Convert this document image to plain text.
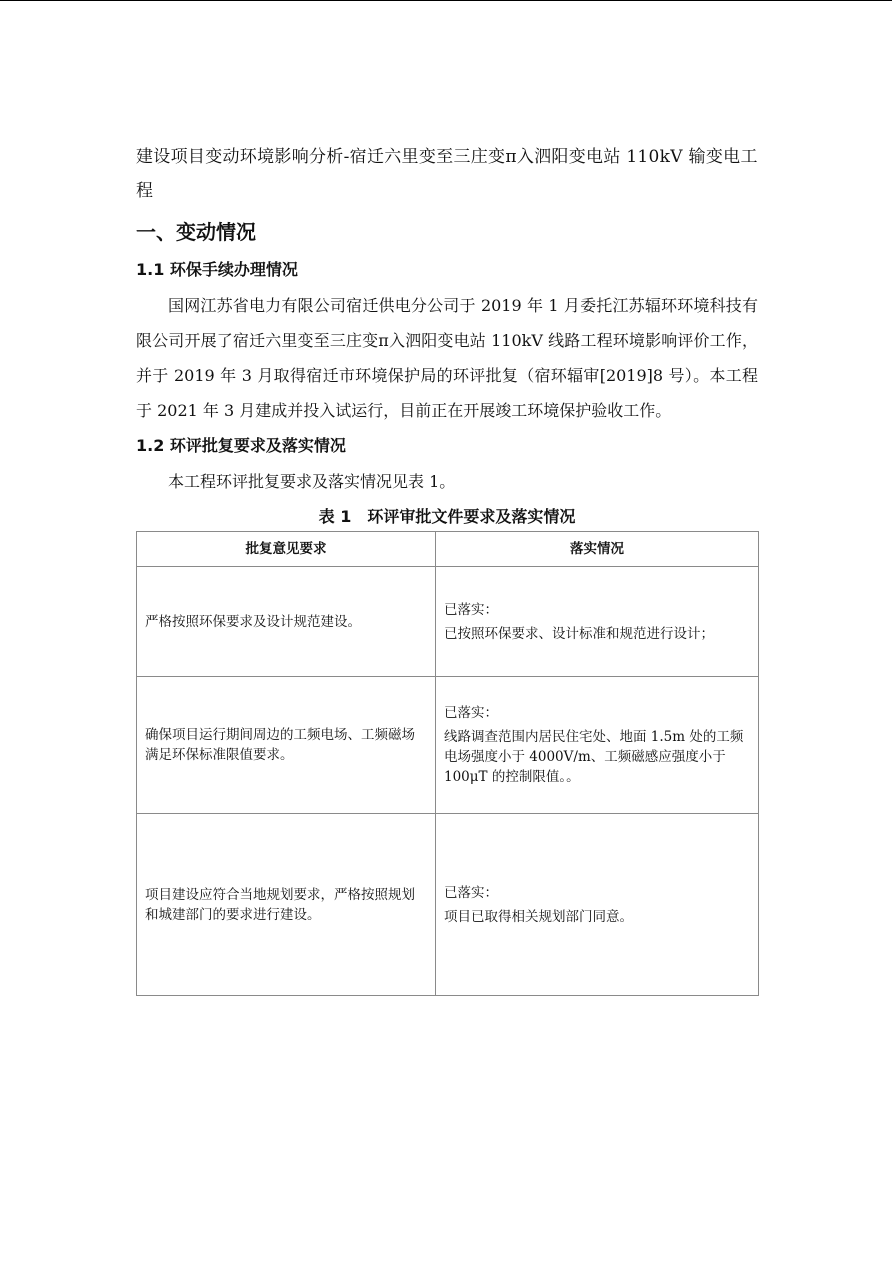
建设项目变动环境影响分析-宿迁六里变至三庄变π入泗阳变电站 110kV 输变电工程

一、变动情况
1.1 环保手续办理情况

国网江苏省电力有限公司宿迁供电分公司于 2019 年 1 月委托江苏辐环环境科技有限公司开展了宿迁六里变至三庄变π入泗阳变电站 110kV 线路工程环境影响评价工作，并于 2019 年 3 月取得宿迁市环境保护局的环评批复（宿环辐审[2019]8 号）。本工程于 2021 年 3 月建成并投入试运行，目前正在开展竣工环境保护验收工作。

1.2 环评批复要求及落实情况

本工程环评批复要求及落实情况见表 1。

表 1　环评审批文件要求及落实情况
批复意见要求	落实情况
严格按照环保要求及设计规范建设。	已落实：
已按照环保要求、设计标准和规范进行设计；

确保项目运行期间周边的工频电场、工频磁场满足环保标准限值要求。	已落实：
线路调查范围内居民住宅处、地面 1.5m 处的工频电场强度小于 4000V/m、工频磁感应强度小于 100μT 的控制限值。。

项目建设应符合当地规划要求，严格按照规划和城建部门的要求进行建设。	已落实：
项目已取得相关规划部门同意。
